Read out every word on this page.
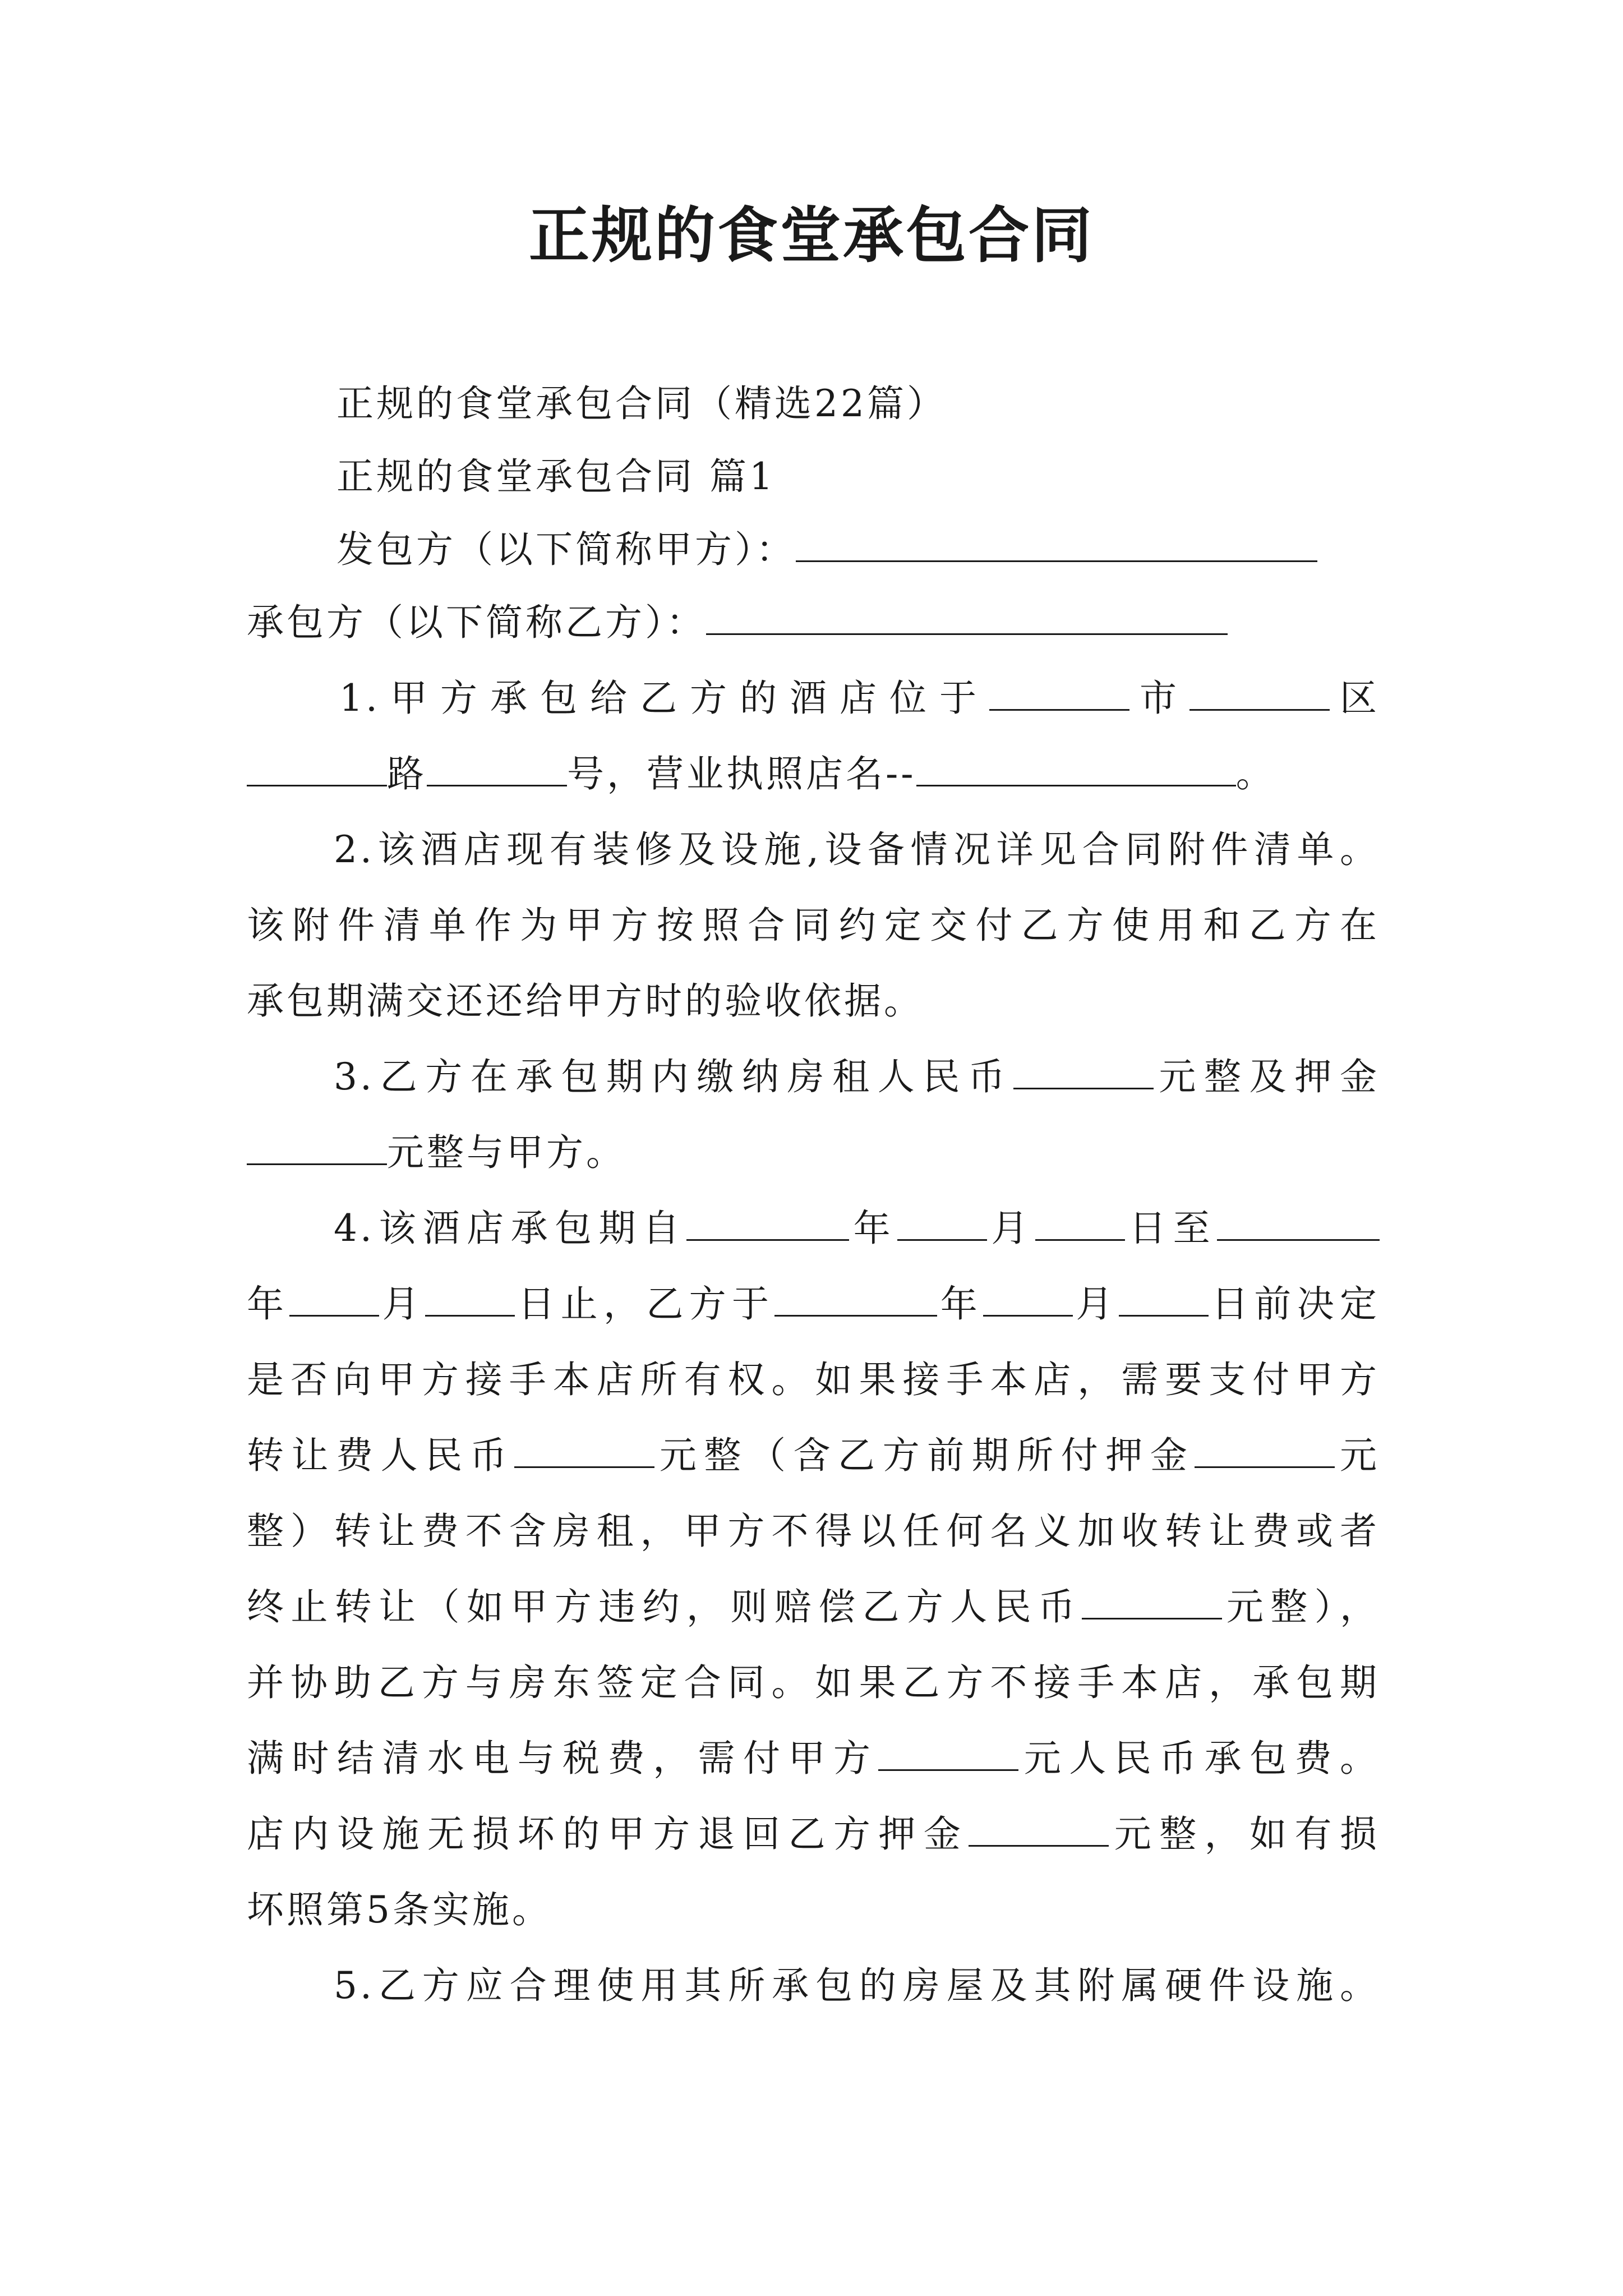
正规的食堂承包合同
正规的食堂承包合同（精选22篇）
正规的食堂承包合同 篇1
发包方（以下简称甲方）：
承包方（以下简称乙方）：
1.甲方承包给乙方的酒店位于	市	区
路	号，营业执照店名--	。
2.该酒店现有装修及设施,设备情况详见合同附件清单。
该附件清单作为甲方按照合同约定交付乙方使用和乙方在
承包期满交还还给甲方时的验收依据。
3.乙方在承包期内缴纳房租人民币	元整及押金
元整与甲方。
4.该酒店承包期自	年 月 日至
年 月 日止，乙方于	年 月 日前决定
是否向甲方接手本店所有权。如果接手本店，需要支付甲方
转让费人民币	元整（含乙方前期所付押金	元
整）转让费不含房租，甲方不得以任何名义加收转让费或者
终止转让（如甲方违约，则赔偿乙方人民币	元整），
并协助乙方与房东签定合同。如果乙方不接手本店，承包期
满时结清水电与税费，需付甲方	元人民币承包费。
店内设施无损坏的甲方退回乙方押金	元整，如有损
坏照第5条实施。
5.乙方应合理使用其所承包的房屋及其附属硬件设施。
